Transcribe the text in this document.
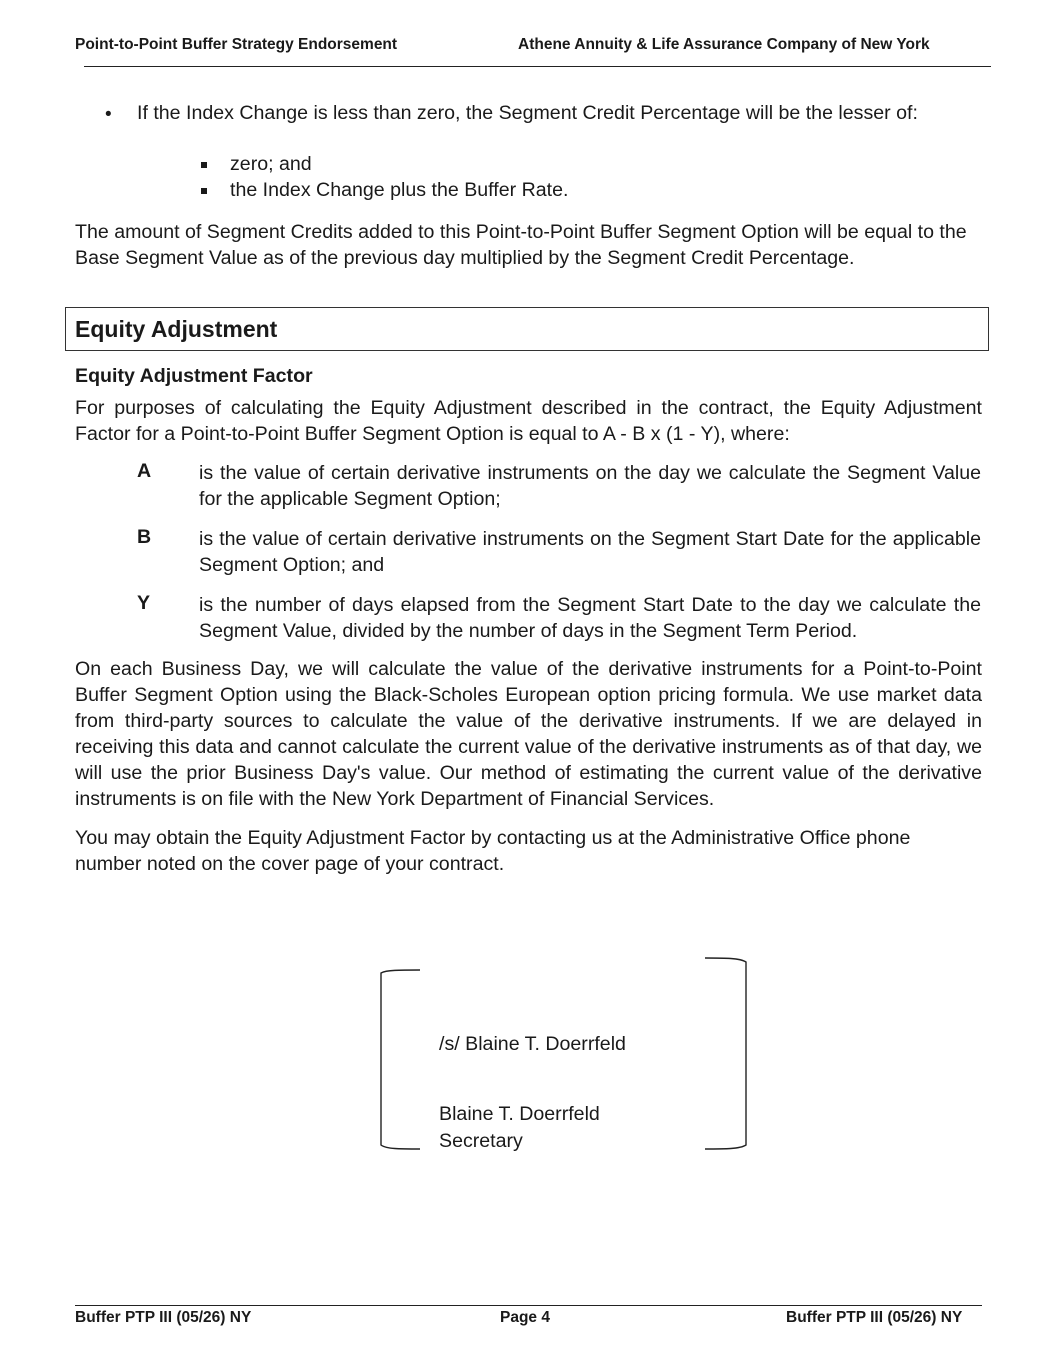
Point-to-Point Buffer Strategy Endorsement	Athene Annuity & Life Assurance Company of New York
• If the Index Change is less than zero, the Segment Credit Percentage will be the lesser of:
zero; and
the Index Change plus the Buffer Rate.
The amount of Segment Credits added to this Point-to-Point Buffer Segment Option will be equal to the Base Segment Value as of the previous day multiplied by the Segment Credit Percentage.
Equity Adjustment
Equity Adjustment Factor
For purposes of calculating the Equity Adjustment described in the contract, the Equity Adjustment Factor for a Point-to-Point Buffer Segment Option is equal to A - B x (1 - Y), where:
A is the value of certain derivative instruments on the day we calculate the Segment Value for the applicable Segment Option;
B is the value of certain derivative instruments on the Segment Start Date for the applicable Segment Option; and
Y is the number of days elapsed from the Segment Start Date to the day we calculate the Segment Value, divided by the number of days in the Segment Term Period.
On each Business Day, we will calculate the value of the derivative instruments for a Point-to-Point Buffer Segment Option using the Black-Scholes European option pricing formula. We use market data from third-party sources to calculate the value of the derivative instruments. If we are delayed in receiving this data and cannot calculate the current value of the derivative instruments as of that day, we will use the prior Business Day's value. Our method of estimating the current value of the derivative instruments is on file with the New York Department of Financial Services.
You may obtain the Equity Adjustment Factor by contacting us at the Administrative Office phone number noted on the cover page of your contract.
/s/ Blaine T. Doerrfeld
Blaine T. Doerrfeld
Secretary
Buffer PTP III (05/26) NY	Page 4	Buffer PTP III (05/26) NY
